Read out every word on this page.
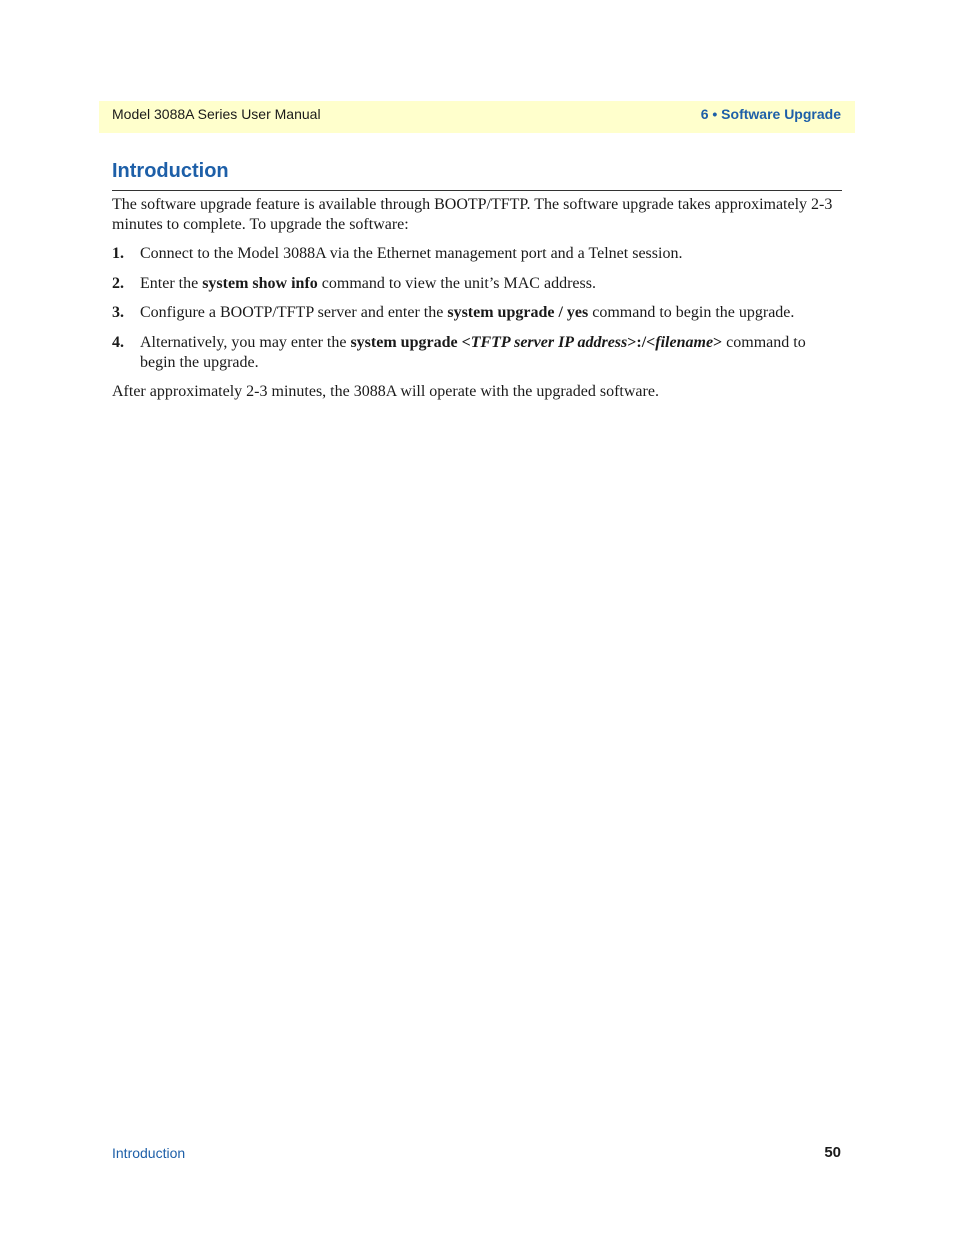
Model 3088A Series User Manual	6 • Software Upgrade
Introduction

The software upgrade feature is available through BOOTP/TFTP. The software upgrade takes approximately 2-3 minutes to complete. To upgrade the software:

1. Connect to the Model 3088A via the Ethernet management port and a Telnet session.
2. Enter the system show info command to view the unit’s MAC address.
3. Configure a BOOTP/TFTP server and enter the system upgrade / yes command to begin the upgrade.
4. Alternatively, you may enter the system upgrade <TFTP server IP address>:/<filename> command to begin the upgrade.

After approximately 2-3 minutes, the 3088A will operate with the upgraded software.

Introduction	50
